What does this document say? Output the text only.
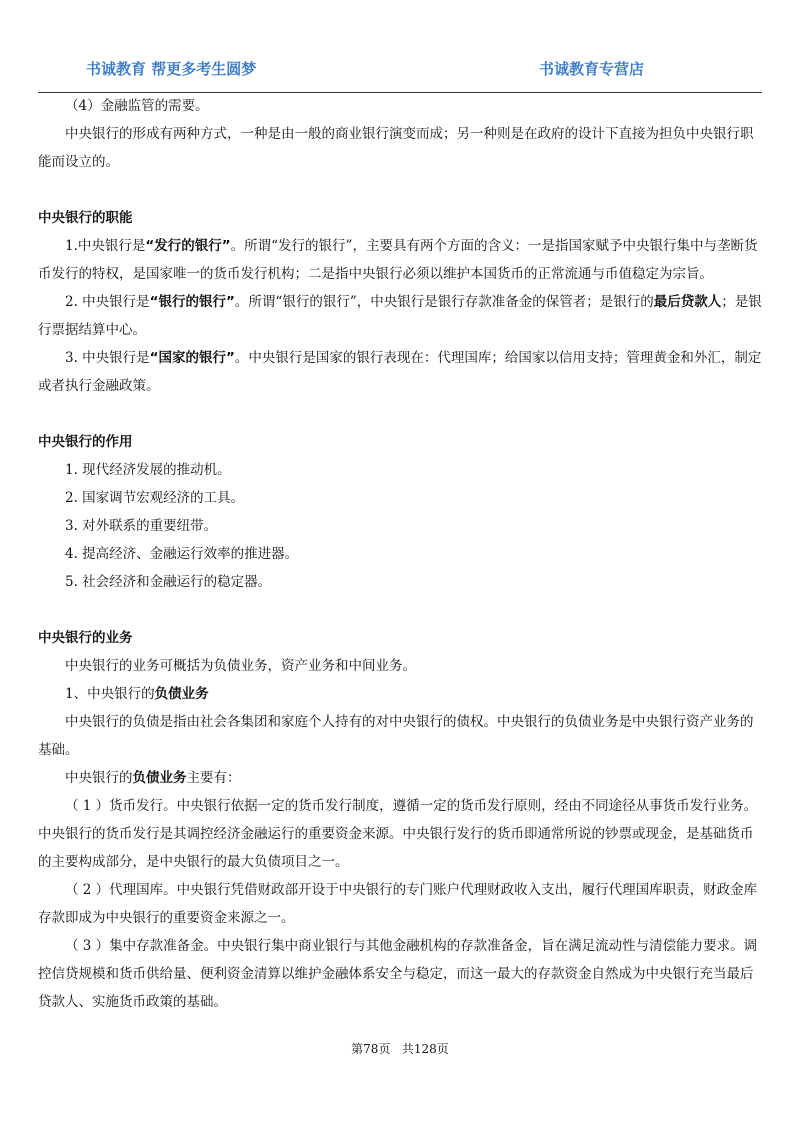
书诚教育 帮更多考生圆梦	书诚教育专营店

（4）金融监管的需要。

中央银行的形成有两种方式，一种是由一般的商业银行演变而成；另一种则是在政府的设计下直接为担负中央银行职能而设立的。

中央银行的职能

1.中央银行是“发行的银行”。所谓“发行的银行”，主要具有两个方面的含义：一是指国家赋予中央银行集中与垄断货币发行的特权，是国家唯一的货币发行机构；二是指中央银行必须以维护本国货币的正常流通与币值稳定为宗旨。

2. 中央银行是“银行的银行”。所谓“银行的银行”，中央银行是银行存款准备金的保管者；是银行的最后贷款人；是银行票据结算中心。

3. 中央银行是“国家的银行”。中央银行是国家的银行表现在：代理国库；给国家以信用支持；管理黄金和外汇，制定或者执行金融政策。

中央银行的作用

1. 现代经济发展的推动机。

2. 国家调节宏观经济的工具。

3. 对外联系的重要纽带。

4. 提高经济、金融运行效率的推进器。

5. 社会经济和金融运行的稳定器。

中央银行的业务

中央银行的业务可概括为负债业务，资产业务和中间业务。

1、中央银行的负债业务

中央银行的负债是指由社会各集团和家庭个人持有的对中央银行的债权。中央银行的负债业务是中央银行资产业务的基础。

中央银行的负债业务主要有：

（ 1 ）货币发行。中央银行依据一定的货币发行制度，遵循一定的货币发行原则，经由不同途径从事货币发行业务。中央银行的货币发行是其调控经济金融运行的重要资金来源。中央银行发行的货币即通常所说的钞票或现金，是基础货币的主要构成部分，是中央银行的最大负债项目之一。

（ 2 ）代理国库。中央银行凭借财政部开设于中央银行的专门账户代理财政收入支出，履行代理国库职责，财政金库存款即成为中央银行的重要资金来源之一。

（ 3 ）集中存款准备金。中央银行集中商业银行与其他金融机构的存款准备金，旨在满足流动性与清偿能力要求。调控信贷规模和货币供给量、便利资金清算以维护金融体系安全与稳定，而这一最大的存款资金自然成为中央银行充当最后贷款人、实施货币政策的基础。

第78页 共128页
